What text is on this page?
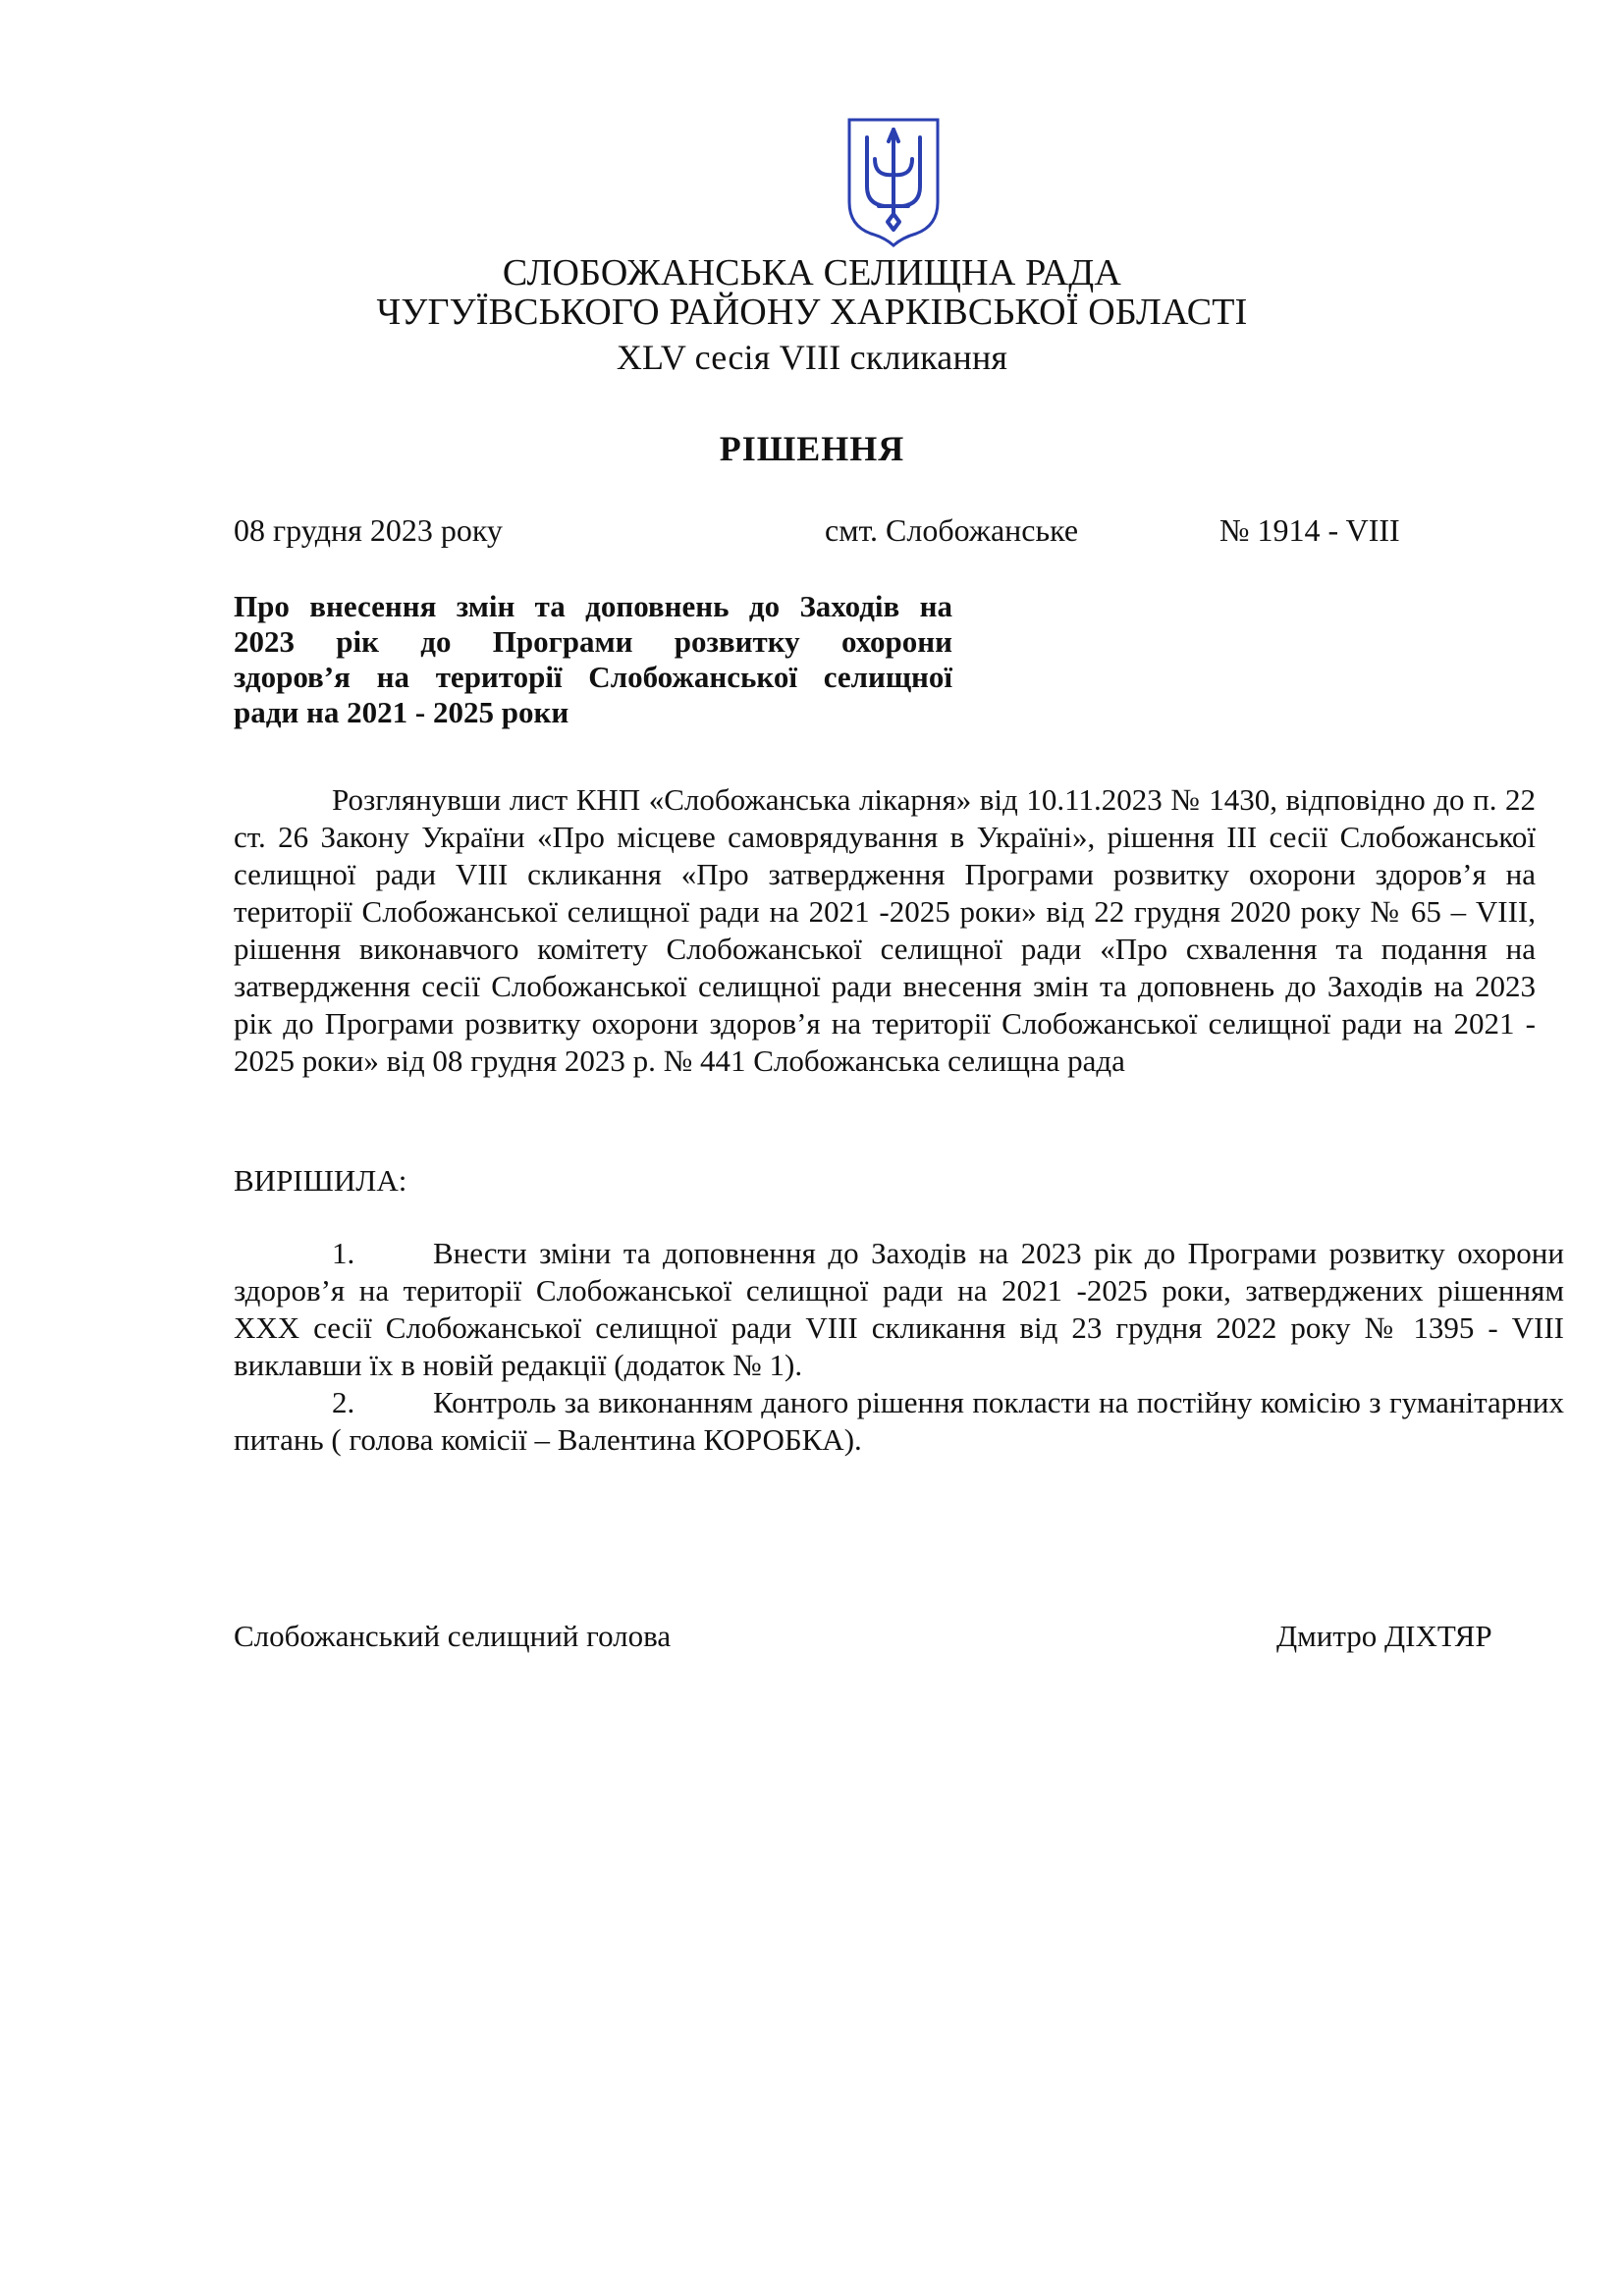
СЛОБОЖАНСЬКА СЕЛИЩНА РАДА
ЧУГУЇВСЬКОГО РАЙОНУ ХАРКІВСЬКОЇ ОБЛАСТІ
XLV сесія VIII скликання
РІШЕННЯ
08 грудня 2023 року	смт. Слобожанське	№ 1914 - VIII
Про внесення змін та доповнень до Заходів на
2023 рік до Програми розвитку охорони
здоров’я на території Слобожанської селищної
ради на 2021 - 2025 роки

Розглянувши лист КНП «Слобожанська лікарня» від 10.11.2023 № 1430, відповідно до п. 22 ст. 26 Закону України «Про місцеве самоврядування в Україні», рішення ІІІ сесії Слобожанської селищної ради VIII скликання «Про затвердження Програми розвитку охорони здоров’я на території Слобожанської селищної ради на 2021 -2025 роки» від 22 грудня 2020 року № 65 – VIII, рішення виконавчого комітету Слобожанської селищної ради «Про схвалення та подання на затвердження сесії Слобожанської селищної ради внесення змін та доповнень до Заходів на 2023 рік до Програми розвитку охорони здоров’я на території Слобожанської селищної ради на 2021 - 2025 роки» від 08 грудня 2023 р. № 441 Слобожанська селищна рада

ВИРІШИЛА:

1.	Внести зміни та доповнення до Заходів на 2023 рік до Програми розвитку охорони здоров’я на території Слобожанської селищної ради на 2021 -2025 роки, затверджених рішенням XXX сесії Слобожанської селищної ради VIII скликання від 23 грудня 2022 року № 1395 - VIII виклавши їх в новій редакції (додаток № 1).

2.	Контроль за виконанням даного рішення покласти на постійну комісію з гуманітарних питань ( голова комісії – Валентина КОРОБКА).

Слобожанський селищний голова	Дмитро ДІХТЯР
